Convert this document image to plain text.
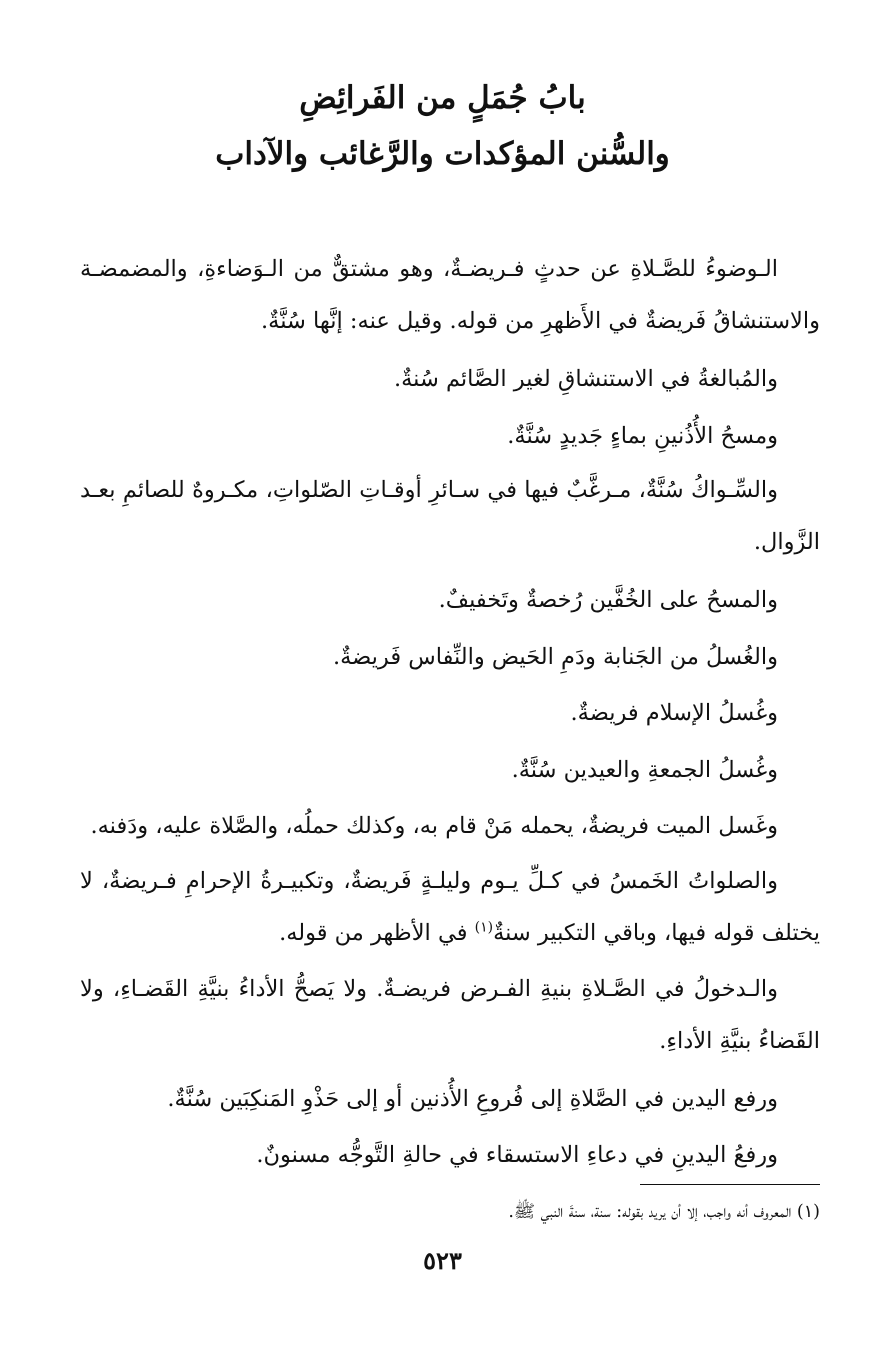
بابُ جُمَلٍ من الفَرائِضِ
والسُّنن المؤكدات والرَّغائب والآداب

الـوضوءُ للصَّـلاةِ عن حدثٍ فـريضـةٌ، وهو مشتقٌّ من الـوَضاءةِ، والمضمضـة والاستنشاقُ فَريضةٌ في الأَظهرِ من قوله. وقيل عنه: إنَّها سُنَّةٌ.

والمُبالغةُ في الاستنشاقِ لغير الصَّائم سُنةٌ.

ومسحُ الأُذُنينِ بماءٍ جَديدٍ سُنَّةٌ.

والسِّـواكُ سُنَّةٌ، مـرغَّبٌ فيها في سـائرِ أوقـاتِ الصّلواتِ، مكـروهٌ للصائمِ بعـد الزَّوال.

والمسحُ على الخُفَّين رُخصةٌ وتَخفيفٌ.

والغُسلُ من الجَنابة ودَمِ الحَيض والنِّفاس فَريضةٌ.

وغُسلُ الإسلام فريضةٌ.

وغُسلُ الجمعةِ والعيدين سُنَّةٌ.

وغَسل الميت فريضةٌ، يحمله مَنْ قام به، وكذلك حملُه، والصَّلاة عليه، ودَفنه.

والصلواتُ الخَمسُ في كـلِّ يـوم وليلـةٍ فَريضةٌ، وتكبيـرةُ الإحرامِ فـريضةٌ، لا يختلف قوله فيها، وباقي التكبير سنةٌ$^{(١)}$ في الأظهر من قوله.

والـدخولُ في الصَّـلاةِ بنيةِ الفـرض فريضـةٌ. ولا يَصحُّ الأداءُ بنيَّةِ القَضـاءِ، ولا القَضاءُ بنيَّةِ الأداءِ.

ورفع اليدين في الصَّلاةِ إلى فُروعِ الأُذنين أو إلى حَذْوِ المَنكِبَين سُنَّةٌ.

ورفعُ اليدينِ في دعاءِ الاستسقاء في حالةِ التَّوجُّه مسنونٌ.

(١) المعروف أنه واجب، إلا أن يريد بقوله: سنة، سنةَ النبي ﷺ.
٥٢٣
